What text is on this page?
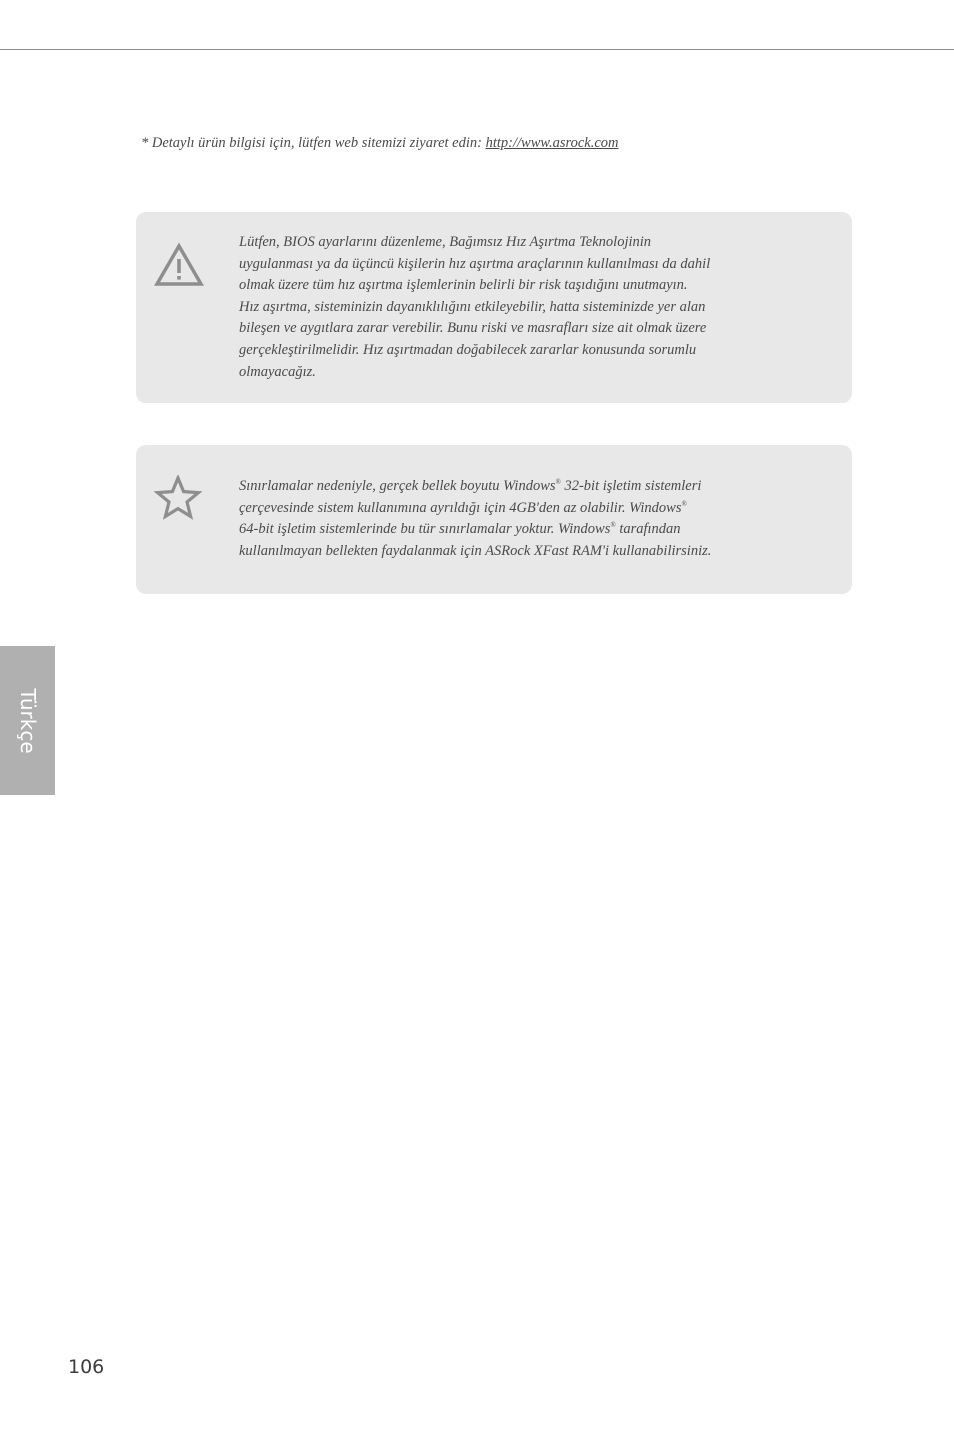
* Detaylı ürün bilgisi için, lütfen web sitemizi ziyaret edin: http://www.asrock.com
Lütfen, BIOS ayarlarını düzenleme, Bağımsız Hız Aşırtma Teknolojinin
uygulanması ya da üçüncü kişilerin hız aşırtma araçlarının kullanılması da dahil
olmak üzere tüm hız aşırtma işlemlerinin belirli bir risk taşıdığını unutmayın.
Hız aşırtma, sisteminizin dayanıklılığını etkileyebilir, hatta sisteminizde yer alan
bileşen ve aygıtlara zarar verebilir. Bunu riski ve masrafları size ait olmak üzere
gerçekleştirilmelidir. Hız aşırtmadan doğabilecek zararlar konusunda sorumlu
olmayacağız.
Sınırlamalar nedeniyle, gerçek bellek boyutu Windows® 32-bit işletim sistemleri
çerçevesinde sistem kullanımına ayrıldığı için 4GB'den az olabilir. Windows®
64-bit işletim sistemlerinde bu tür sınırlamalar yoktur. Windows® tarafından
kullanılmayan bellekten faydalanmak için ASRock XFast RAM'i kullanabilirsiniz.
Türkçe
106
